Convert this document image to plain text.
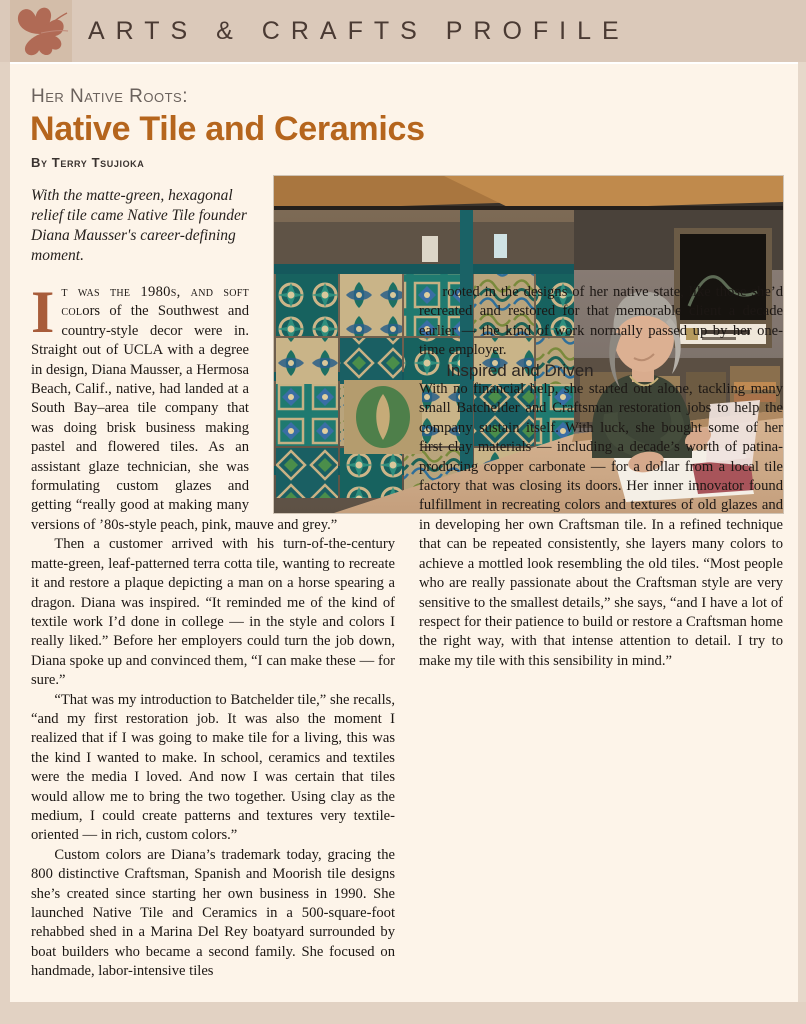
ARTS & CRAFTS PROFILE
Her Native Roots:
Native Tile and Ceramics
By Terry Tsujioka
With the matte-green, hexagonal relief tile came Native Tile founder Diana Mausser's career-defining moment.

It was the 1980s, and soft colors of the Southwest and country-style decor were in. Straight out of UCLA with a degree in design, Diana Mausser, a Hermosa Beach, Calif., native, had landed at a South Bay–area tile company that was doing brisk business making pastel and flowered tiles. As an assistant glaze technician, she was formulating custom glazes and getting “really good at making many versions of ’80s-style peach, pink, mauve and grey.”

Then a customer arrived with his turn-of-the-century matte-green, leaf-patterned terra cotta tile, wanting to recreate it and restore a plaque depicting a man on a horse spearing a dragon. Diana was inspired. “It reminded me of the kind of textile work I’d done in college — in the style and colors I really liked.” Before her employers could turn the job down, Diana spoke up and convinced them, “I can make these — for sure.”

“That was my introduction to Batchelder tile,” she recalls, “and my first restoration job. It was also the moment I realized that if I was going to make tile for a living, this was the kind I wanted to make. In school, ceramics and textiles were the media I loved. And now I was certain that tiles would allow me to bring the two together. Using clay as the medium, I could create patterns and textures very textile-oriented — in rich, custom colors.”

Custom colors are Diana’s trademark today, gracing the 800 distinctive Craftsman, Spanish and Moorish tile designs she’s created since starting her own business in 1990. She launched Native Tile and Ceramics in a 500-square-foot rehabbed shed in a Marina Del Rey boatyard surrounded by boat builders who became a second family. She focused on handmade, labor-intensive tiles

rooted in the designs of her native state, like those she’d recreated and restored for that memorable client a decade earlier — the kind of work normally passed up by her one-time employer.

Inspired and Driven

With no financial help, she started out alone, tackling many small Batchelder and Craftsman restoration jobs to help the company sustain itself. With luck, she bought some of her first clay materials — including a decade’s worth of patina-producing copper carbonate — for a dollar from a local tile factory that was closing its doors. Her inner innovator found fulfillment in recreating colors and textures of old glazes and in developing her own Craftsman tile. In a refined technique that can be repeated consistently, she layers many colors to achieve a mottled look resembling the old tiles. “Most people who are really passionate about the Craftsman style are very sensitive to the smallest details,” she says, “and I have a lot of respect for their patience to build or restore a Craftsman home the right way, with that intense attention to detail. I try to make my tile with this sensibility in mind.”
